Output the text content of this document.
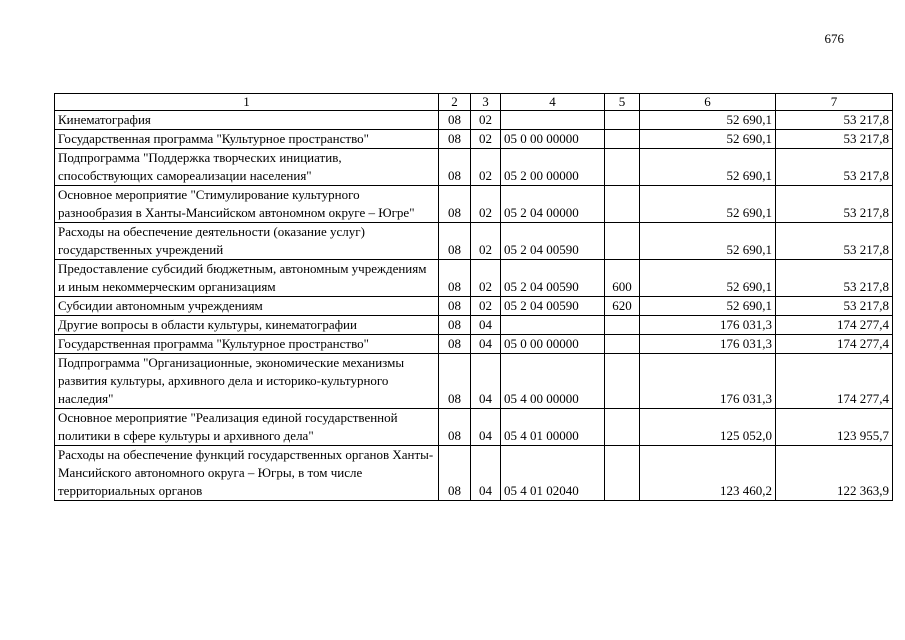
676
1	2	3	4	5	6	7
Кинематография	08	02			52 690,1	53 217,8
Государственная программа "Культурное пространство"	08	02	05 0 00 00000		52 690,1	53 217,8
Подпрограмма "Поддержка творческих инициатив, способствующих самореализации населения"	08	02	05 2 00 00000		52 690,1	53 217,8
Основное мероприятие "Стимулирование культурного разнообразия в Ханты-Мансийском автономном округе – Югре"	08	02	05 2 04 00000		52 690,1	53 217,8
Расходы на обеспечение деятельности (оказание услуг) государственных учреждений	08	02	05 2 04 00590		52 690,1	53 217,8
Предоставление субсидий бюджетным, автономным учреждениям и иным некоммерческим организациям	08	02	05 2 04 00590	600	52 690,1	53 217,8
Субсидии автономным учреждениям	08	02	05 2 04 00590	620	52 690,1	53 217,8
Другие вопросы в области культуры, кинематографии	08	04			176 031,3	174 277,4
Государственная программа "Культурное пространство"	08	04	05 0 00 00000		176 031,3	174 277,4
Подпрограмма "Организационные, экономические механизмы развития культуры, архивного дела и историко-культурного наследия"	08	04	05 4 00 00000		176 031,3	174 277,4
Основное мероприятие "Реализация единой государственной политики в сфере культуры и архивного дела"	08	04	05 4 01 00000		125 052,0	123 955,7
Расходы на обеспечение функций государственных органов Ханты-Мансийского автономного округа – Югры, в том числе территориальных органов	08	04	05 4 01 02040		123 460,2	122 363,9
